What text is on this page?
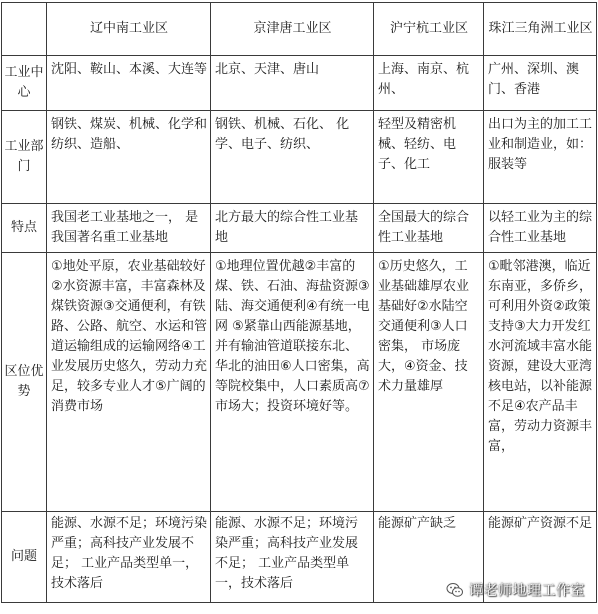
	辽中南工业区	京津唐工业区	沪宁杭工业区	珠江三角洲工业区
工业中心	沈阳、鞍山、本溪、大连等	北京、天津、唐山	上海、南京、杭州、	广州、深圳、澳门、香港
工业部门	钢铁、煤炭、机械、化学和纺织、造船、	钢铁、机械、石化、 化学、电子、纺织、	轻型及精密机械、轻纺、电子、化工	出口为主的加工工业和制造业，如：服装等
特点	我国老工业基地之一， 是我国著名重工业基地	北方最大的综合性工业基地	全国最大的综合性工业基地	以轻工业为主的综合性工业基地
区位优势	①地处平原，农业基础较好②水资源丰富，丰富森林及煤铁资源③交通便利，有铁路、公路、航空、水运和管道运输组成的运输网络④工业发展历史悠久，劳动力充足，较多专业人才⑤广阔的消费市场	①地理位置优越②丰富的煤、铁、石油、海盐资源③陆、海交通便利④有统一电网 ⑤紧靠山西能源基地，并有输油管道联接东北、华北的油田⑥人口密集，高等院校集中，人口素质高⑦市场大；投资环境好等。	①历史悠久，工业基础雄厚农业基础好②水陆空交通便利③人口密集， 市场庞大，④资金、技术力量雄厚	①毗邻港澳，临近东南亚，多侨乡，可利用外资②政策支持③大力开发红水河流域丰富水能资源，建设大亚湾核电站，以补能源不足④农产品丰富，劳动力资源丰富，
问题	能源、水源不足；环境污染严重；高科技产业发展不足； 工业产品类型单一，技术落后	能源、水源不足；环境污染严重；高科技产业发展不足； 工业产品类型单一，技术落后	能源矿产缺乏	能源矿产资源不足
谭老师地理工作室
